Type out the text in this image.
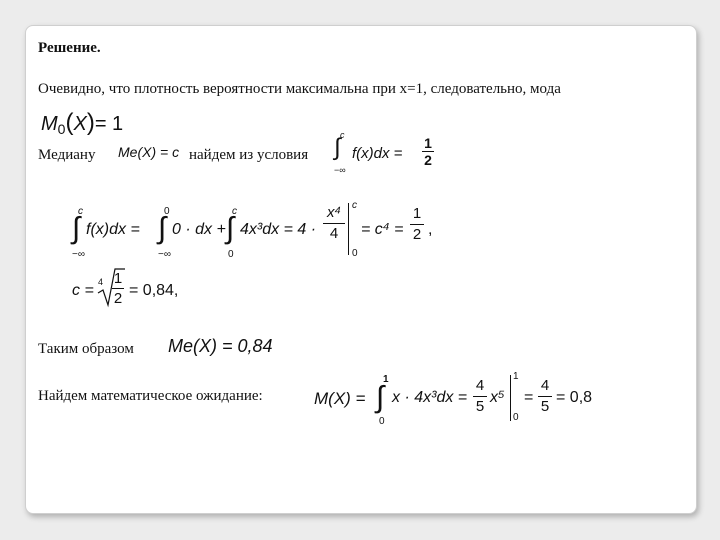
Решение.
Очевидно, что плотность вероятности максимальна при x=1, следовательно, мода
$M_0(X)= 1$
Медиану Me(X) = c найдем из условия ∫ c
−∞
$f(x)dx = \frac{1}{2}$
∫
c
−∞
f(x)dx = ∫
0
−∞
0 · dx + ∫
c
0
$4x^3dx = 4 \cdot \frac{\text{x⁴}}{4}$ c
0
= $c^4 = \frac{1}{2}$ ,
$c = 4 \frac{1}{2} = 0,84$,
Таким образом Me(X) = 0,84
Найдем математическое ожидание:	M(X) = ∫
1
0
$x \cdot 4x^3dx = \frac{4}{5} x^5$
1
0
= $\frac{4}{5} = 0,8$
